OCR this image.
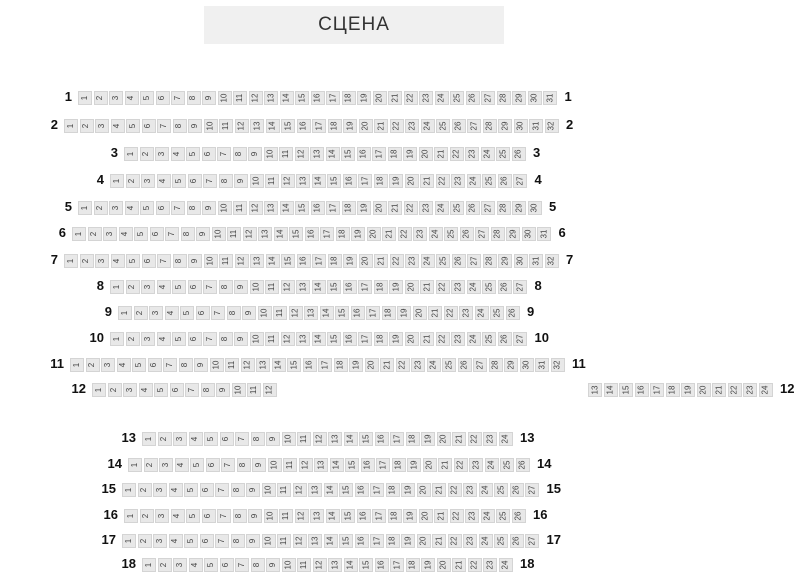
СЦЕНА
1 2 3 4 5 6 7 8 9 10 11 12 13 14 15 16 17 18 19 20 21 22 23 24 25 26 27 28 29 30 31
1	1
1 2 3 4 5 6 7 8 9 10 11 12 13 14 15 16 17 18 19 20 21 22 23 24 25 26 27 28 29 30 31 32
2	2
1 2 3 4 5 6 7 8 9 10 11 12 13 14 15 16 17 18 19 20 21 22 23 24 25 26
3	3
1 2 3 4 5 6 7 8 9 10 11 12 13 14 15 16 17 18 19 20 21 22 23 24 25 26 27
4	4
1 2 3 4 5 6 7 8 9 10 11 12 13 14 15 16 17 18 19 20 21 22 23 24 25 26 27 28 29 30
5	5
1 2 3 4 5 6 7 8 9 10 11 12 13 14 15 16 17 18 19 20 21 22 23 24 25 26 27 28 29 30 31
6	6
1 2 3 4 5 6 7 8 9 10 11 12 13 14 15 16 17 18 19 20 21 22 23 24 25 26 27 28 29 30 31 32
7	7
1 2 3 4 5 6 7 8 9 10 11 12 13 14 15 16 17 18 19 20 21 22 23 24 25 26 27
8	8
1 2 3 4 5 6 7 8 9 10 11 12 13 14 15 16 17 18 19 20 21 22 23 24 25 26
9	9
1 2 3 4 5 6 7 8 9 10 11 12 13 14 15 16 17 18 19 20 21 22 23 24 25 26 27
10	10
1 2 3 4 5 6 7 8 9 10 11 12 13 14 15 16 17 18 19 20 21 22 23 24 25 26 27 28 29 30 31 32
11	11
1 2 3 4 5 6 7 8 9 10 11 12	13 14 15 16 17 18 19 20 21 22 23 24
12	12
1 2 3 4 5 6 7 8 9 10 11 12 13 14 15 16 17 18 19 20 21 22 23 24
13	13
1 2 3 4 5 6 7 8 9 10 11 12 13 14 15 16 17 18 19 20 21 22 23 24 25 26
14	14
1 2 3 4 5 6 7 8 9 10 11 12 13 14 15 16 17 18 19 20 21 22 23 24 25 26 27
15	15
1 2 3 4 5 6 7 8 9 10 11 12 13 14 15 16 17 18 19 20 21 22 23 24 25 26
16	16
1 2 3 4 5 6 7 8 9 10 11 12 13 14 15 16 17 18 19 20 21 22 23 24 25 26 27
17	17
1 2 3 4 5 6 7 8 9 10 11 12 13 14 15 16 17 18 19 20 21 22 23 24
18	18
